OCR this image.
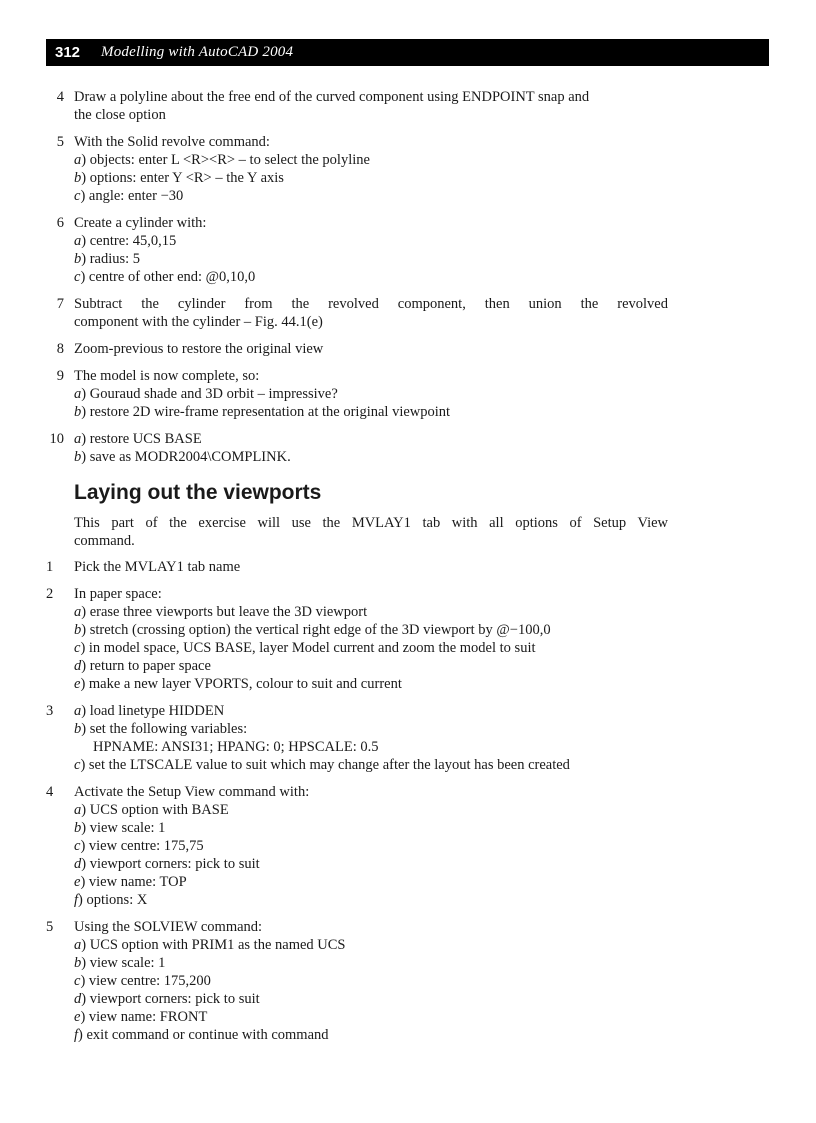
312	Modelling with AutoCAD 2004
Laying out the viewports
4 Draw a polyline about the free end of the curved component using ENDPOINT snap and
the close option
5 With the Solid revolve command:
a) objects: enter L <R><R> – to select the polyline
b) options: enter Y <R> – the Y axis
c) angle: enter −30
6 Create a cylinder with:
a) centre: 45,0,15
b) radius: 5
c) centre of other end: @0,10,0
7 Subtract the cylinder from the revolved component, then union the revolved
component with the cylinder – Fig. 44.1(e)
8 Zoom-previous to restore the original view
9 The model is now complete, so:
a) Gouraud shade and 3D orbit – impressive?
b) restore 2D wire-frame representation at the original viewpoint
10 a) restore UCS BASE
b) save as MODR2004\COMPLINK.
This part of the exercise will use the MVLAY1 tab with all options of Setup View
command.
1	Pick the MVLAY1 tab name
2	In paper space:
a) erase three viewports but leave the 3D viewport
b) stretch (crossing option) the vertical right edge of the 3D viewport by @−100,0
c) in model space, UCS BASE, layer Model current and zoom the model to suit
d) return to paper space
e) make a new layer VPORTS, colour to suit and current
3	a) load linetype HIDDEN
b) set the following variables:
HPNAME: ANSI31; HPANG: 0; HPSCALE: 0.5
c) set the LTSCALE value to suit which may change after the layout has been created
4	Activate the Setup View command with:
a) UCS option with BASE
b) view scale: 1
c) view centre: 175,75
d) viewport corners: pick to suit
e) view name: TOP
f) options: X
5	Using the SOLVIEW command:
a) UCS option with PRIM1 as the named UCS
b) view scale: 1
c) view centre: 175,200
d) viewport corners: pick to suit
e) view name: FRONT
f) exit command or continue with command
